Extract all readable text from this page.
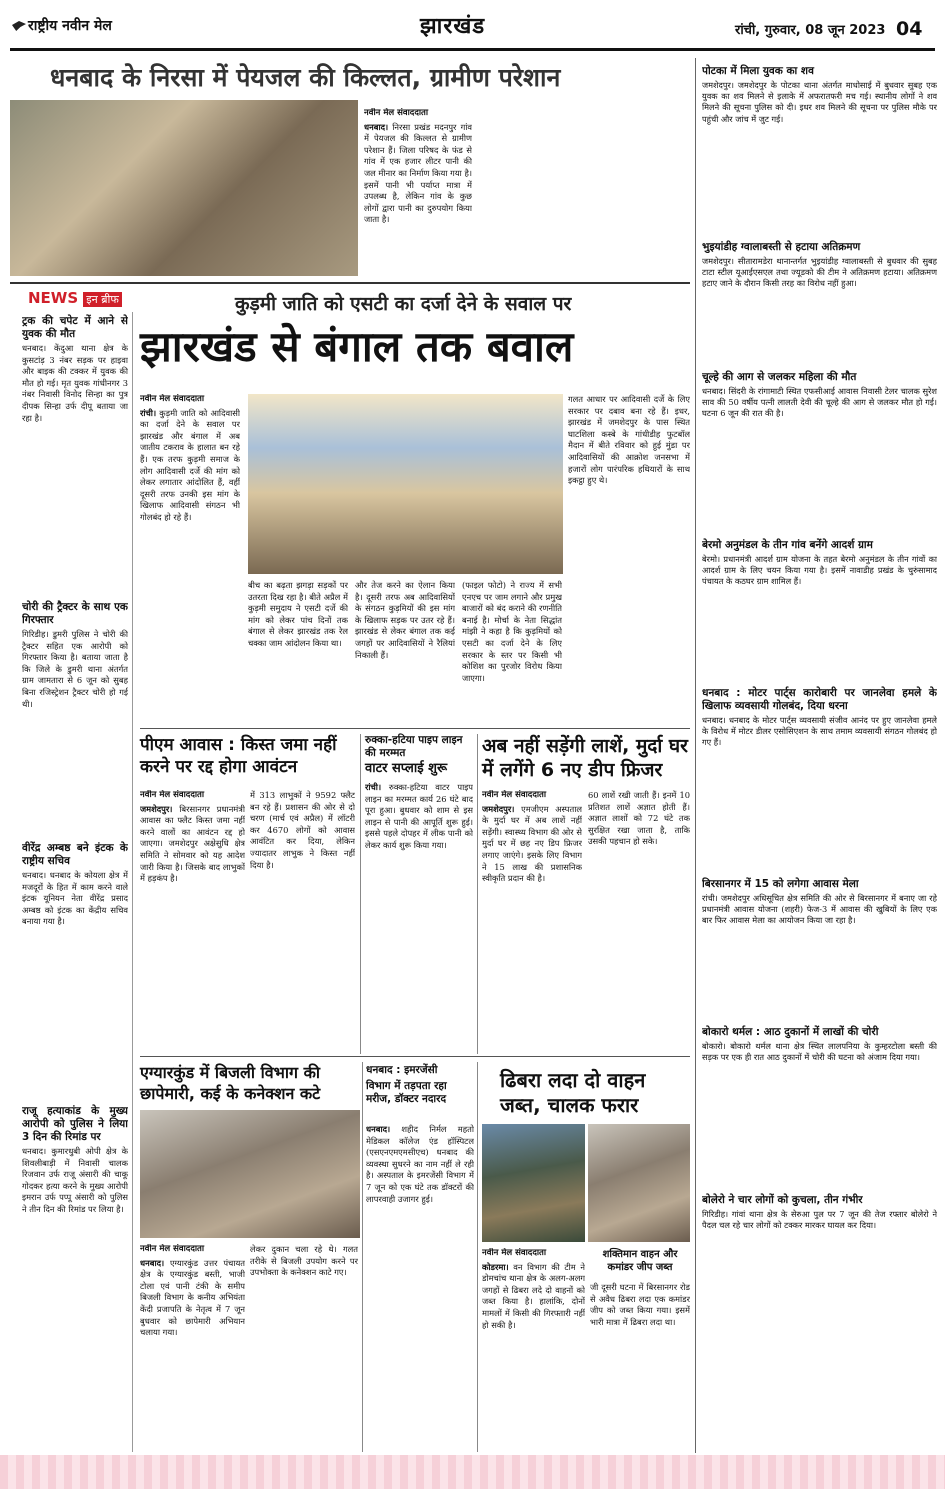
राष्ट्रीय नवीन मेल	झारखंड	रांची, गुरुवार, 08 जून 2023 04
धनबाद के निरसा में पेयजल की किल्लत, ग्रामीण परेशान
नवीन मेल संवाददाता
धनबाद। निरसा प्रखंड मदनपुर गांव में पेयजल की किल्लत से ग्रामीण परेशान हैं। जिला परिषद के फंड से गांव में एक हजार लीटर पानी की जल मीनार का निर्माण किया गया है। इसमें पानी भी पर्याप्त मात्रा में उपलब्ध है, लेकिन गांव के कुछ लोगों द्वारा पानी का दुरुपयोग किया जाता है।
NEWS इन ब्रीफ
ट्रक की चपेट में आने से युवक की मौत
धनबाद। केंदुआ थाना क्षेत्र के कुसटांड़ 3 नंबर सड़क पर हाइवा और बाइक की टक्कर में युवक की मौत हो गई। मृत युवक गांधीनगर 3 नंबर निवासी विनोद सिन्हा का पुत्र दीपक सिन्हा उर्फ दीपू बताया जा रहा है।
चोरी की ट्रैक्टर के साथ एक गिरफ्तार
गिरिडीह। डुमरी पुलिस ने चोरी की ट्रैक्टर सहित एक आरोपी को गिरफ्तार किया है। बताया जाता है कि जिले के डुमरी थाना अंतर्गत ग्राम जामतारा से 6 जून को सुबह बिना रजिस्ट्रेशन ट्रैक्टर चोरी हो गई थी।
वीरेंद्र अम्बष्ठ बने इंटक के राष्ट्रीय सचिव
धनबाद। धनबाद के कोयला क्षेत्र में मजदूरों के हित में काम करने वाले इंटक यूनियन नेता वीरेंद्र प्रसाद अम्बष्ठ को इंटक का केंद्रीय सचिव बनाया गया है।
राजू हत्याकांड के मुख्य आरोपी को पुलिस ने लिया 3 दिन की रिमांड पर
धनबाद। कुमारधुबी ओपी क्षेत्र के शिवलीबाड़ी में निवासी चालक रिजवान उर्फ राजू अंसारी की चाकू गोदकर हत्या करने के मुख्य आरोपी इमरान उर्फ पप्पू अंसारी को पुलिस ने तीन दिन की रिमांड पर लिया है।
कुड़मी जाति को एसटी का दर्जा देने के सवाल पर
झारखंड से बंगाल तक बवाल
नवीन मेल संवाददाता
रांची। कुड़मी जाति को आदिवासी का दर्जा देने के सवाल पर झारखंड और बंगाल में अब जातीय टकराव के हालात बन रहे हैं। एक तरफ कुड़मी समाज के लोग आदिवासी दर्जे की मांग को लेकर लगातार आंदोलित हैं, वहीं दूसरी तरफ उनकी इस मांग के खिलाफ आदिवासी संगठन भी गोलबंद हो रहे हैं।
बीच का बढ़ता झगड़ा सड़कों पर उतरता दिख रहा है। बीते अप्रैल में कुड़मी समुदाय ने एसटी दर्जे की मांग को लेकर पांच दिनों तक बंगाल से लेकर झारखंड तक रेल चक्का जाम आंदोलन किया था।
और तेज करने का ऐलान किया है। दूसरी तरफ अब आदिवासियों के संगठन कुड़मियों की इस मांग के खिलाफ सड़क पर उतर रहे हैं। झारखंड से लेकर बंगाल तक कई जगहों पर आदिवासियों ने रैलियां निकाली हैं।
(फाइल फोटो) ने राज्य में सभी एनएच पर जाम लगाने और प्रमुख बाजारों को बंद कराने की रणनीति बनाई है। मोर्चा के नेता सिद्धांत मांझी ने कहा है कि कुड़मियों को एसटी का दर्जा देने के लिए सरकार के स्तर पर किसी भी कोशिश का पुरजोर विरोध किया जाएगा।
गलत आधार पर आदिवासी दर्जे के लिए सरकार पर दबाव बना रहे हैं। इधर, झारखंड में जमशेदपुर के पास स्थित घाटशिला कस्बे के गांधीडीह फुटबॉल मैदान में बीते रविवार को हुई मुंडा पर आदिवासियों की आक्रोश जनसभा में हजारों लोग पारंपरिक हथियारों के साथ इकट्ठा हुए थे।
पीएम आवास : किस्त जमा नहीं करने पर रद्द होगा आवंटन
नवीन मेल संवाददाता
जमशेदपुर। बिरसानगर प्रधानमंत्री आवास का फ्लैट किस्त जमा नहीं करने वालों का आवंटन रद्द हो जाएगा। जमशेदपुर अक्षेसुधि क्षेत्र समिति ने सोमवार को यह आदेश जारी किया है। जिसके बाद लाभुकों में हड़कंप है।
में 313 लाभुकों ने 9592 फ्लैट बन रहे हैं। प्रशासन की ओर से दो चरण (मार्च एवं अप्रैल) में लॉटरी कर 4670 लोगों को आवास आवंटित कर दिया, लेकिन ज्यादातर लाभुक ने किस्त नहीं दिया है।
रुक्का-हटिया पाइप लाइन की मरम्मत
वाटर सप्लाई शुरू
रांची। रुक्का-हटिया वाटर पाइप लाइन का मरम्मत कार्य 26 घंटे बाद पूरा हुआ। बुधवार को शाम से इस लाइन से पानी की आपूर्ति शुरू हुई। इससे पहले दोपहर में लीक पानी को लेकर कार्य शुरू किया गया।
अब नहीं सड़ेंगी लाशें, मुर्दा घर में लगेंगे 6 नए डीप फ्रिजर
नवीन मेल संवाददाता
जमशेदपुर। एमजीएम अस्पताल के मुर्दा घर में अब लाशें नहीं सड़ेंगी। स्वास्थ्य विभाग की ओर से मुर्दा घर में छह नए डिप फ्रिजर लगाए जाएंगे। इसके लिए विभाग ने 15 लाख की प्रशासनिक स्वीकृति प्रदान की है।
60 लाशें रखी जाती हैं। इनमें 10 प्रतिशत लाशें अज्ञात होती हैं। अज्ञात लाशों को 72 घंटे तक सुरक्षित रखा जाता है, ताकि उसकी पहचान हो सके।
एग्यारकुंड में बिजली विभाग की छापेमारी, कई के कनेक्शन कटे
नवीन मेल संवाददाता
धनबाद। एग्यारकुंड उत्तर पंचायत क्षेत्र के एग्यारकुंड बस्ती, भाजी टोला एवं पानी टंकी के समीप बिजली विभाग के कनीय अभियंता केंदी प्रजापति के नेतृत्व में 7 जून बुधवार को छापेमारी अभियान चलाया गया।
लेकर दुकान चला रहे थे। गलत तरीके से बिजली उपयोग करने पर उपभोक्ता के कनेक्शन काटे गए।
धनबाद : इमरजेंसी
विभाग में तड़पता रहा मरीज, डॉक्टर नदारद
धनबाद। शहीद निर्मल महतो मेडिकल कॉलेज एंड हॉस्पिटल (एसएनएमएमसीएच) धनबाद की व्यवस्था सुधरने का नाम नहीं ले रही है। अस्पताल के इमरजेंसी विभाग में 7 जून को एक घंटे तक डॉक्टरों की लापरवाही उजागर हुई।
ढिबरा लदा दो वाहन जब्त, चालक फरार
शक्तिमान वाहन और कमांडर जीप जब्त
नवीन मेल संवाददाता
कोडरमा। वन विभाग की टीम ने डोमचांच थाना क्षेत्र के अलग-अलग जगहों से ढिबरा लदे दो वाहनों को जब्त किया है। हालांकि, दोनों मामलों में किसी की गिरफ्तारी नहीं हो सकी है।
जी दूसरी घटना में बिरसानगर रोड से अवैध ढिबरा लदा एक कमांडर जीप को जब्त किया गया। इसमें भारी मात्रा में ढिबरा लदा था।
पोटका में मिला युवक का शव
जमशेदपुर। जमशेदपुर के पोटका थाना अंतर्गत माधोसाई में बुधवार सुबह एक युवक का शव मिलने से इलाके में अफरातफरी मच गई। स्थानीय लोगों ने शव मिलने की सूचना पुलिस को दी। इधर शव मिलने की सूचना पर पुलिस मौके पर पहुंची और जांच में जुट गई।
भुइयांडीह ग्वालाबस्ती से हटाया अतिक्रमण
जमशेदपुर। सीतारामडेरा थानान्तर्गत भुइयांडीह ग्वालाबस्ती से बुधवार की सुबह टाटा स्टील यूआईएसएल तथा ज्यूडको की टीम ने अतिक्रमण हटाया। अतिक्रमण हटाए जाने के दौरान किसी तरह का विरोध नहीं हुआ।
चूल्हे की आग से जलकर महिला की मौत
धनबाद। सिंदरी के रांगामाटी स्थित एफसीआई आवास निवासी टेलर चालक सुरेश साव की 50 वर्षीय पत्नी लालती देवी की चूल्हे की आग से जलकर मौत हो गई। घटना 6 जून की रात की है।
बेरमो अनुमंडल के तीन गांव बनेंगे आदर्श ग्राम
बेरमो। प्रधानमंत्री आदर्श ग्राम योजना के तहत बेरमो अनुमंडल के तीन गांवों का आदर्श ग्राम के लिए चयन किया गया है। इसमें नावाडीह प्रखंड के चुरुंसामाद पंचायत के कठघर ग्राम शामिल हैं।
धनबाद : मोटर पार्ट्स कारोबारी पर जानलेवा हमले के खिलाफ व्यवसायी गोलबंद, दिया धरना
धनबाद। धनबाद के मोटर पार्ट्स व्यवसायी संजीव आनंद पर हुए जानलेवा हमले के विरोध में मोटर डीलर एसोसिएशन के साथ तमाम व्यवसायी संगठन गोलबंद हो गए हैं।
बिरसानगर में 15 को लगेगा आवास मेला
रांची। जमशेदपुर अधिसूचित क्षेत्र समिति की ओर से बिरसानगर में बनाए जा रहे प्रधानमंत्री आवास योजना (शहरी) फेज-3 में आवास की खुबियों के लिए एक बार फिर आवास मेला का आयोजन किया जा रहा है।
बोकारो थर्मल : आठ दुकानों में लाखों की चोरी
बोकारो। बोकारो थर्मल थाना क्षेत्र स्थित लालपनिया के कुम्हरटोला बस्ती की सड़क पर एक ही रात आठ दुकानों में चोरी की घटना को अंजाम दिया गया।
बोलेरो ने चार लोगों को कुचला, तीन गंभीर
गिरिडीह। गांवां थाना क्षेत्र के सेरुआ पुल पर 7 जून की तेज रफ्तार बोलेरो ने पैदल चल रहे चार लोगों को टक्कर मारकर घायल कर दिया।
